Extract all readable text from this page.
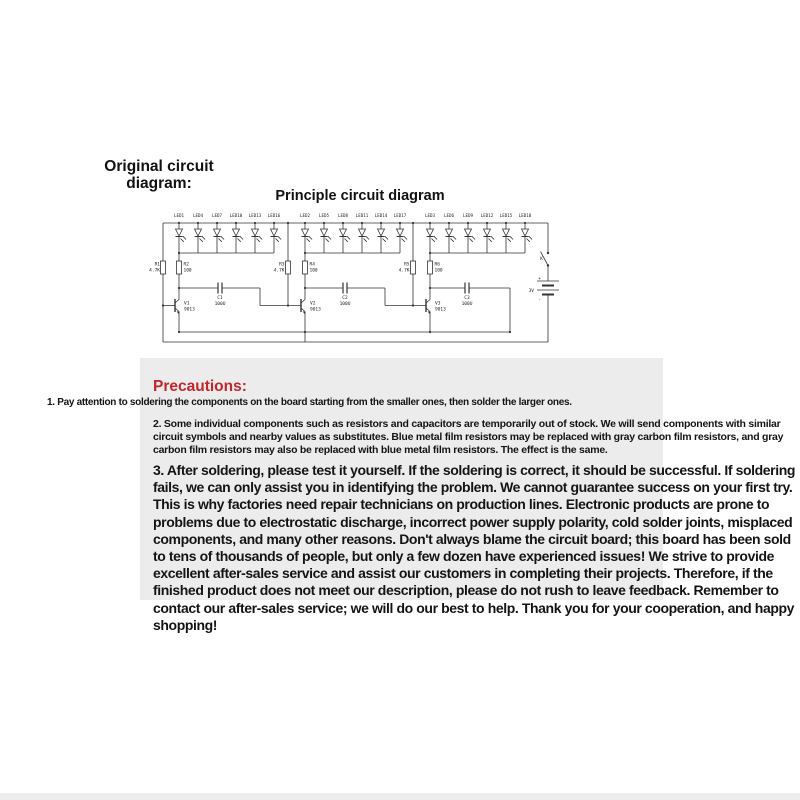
Original circuit diagram:
Principle circuit diagram
LED1 LED4 LED7 LED10 LED13 LED16	LED2 LED5 LED8 LED11 LED14 LED17	LED3 LED6 LED9 LED12 LED15 LED18
R1
4.7K
R2
100
R3
4.7K
R4
100
R5
4.7K
R6
100
V1
9013
V2
9013
V3
9013
C1
100U
C2
100U
C3
100U
K
3V
+
-
Precautions:
1. Pay attention to soldering the components on the board starting from the smaller ones, then solder the larger ones.
2. Some individual components such as resistors and capacitors are temporarily out of stock. We will send components with similar circuit symbols and nearby values as substitutes. Blue metal film resistors may be replaced with gray carbon film resistors, and gray carbon film resistors may also be replaced with blue metal film resistors. The effect is the same.
3. After soldering, please test it yourself. If the soldering is correct, it should be successful. If soldering fails, we can only assist you in identifying the problem. We cannot guarantee success on your first try. This is why factories need repair technicians on production lines. Electronic products are prone to problems due to electrostatic discharge, incorrect power supply polarity, cold solder joints, misplaced components, and many other reasons. Don't always blame the circuit board; this board has been sold to tens of thousands of people, but only a few dozen have experienced issues! We strive to provide excellent after-sales service and assist our customers in completing their projects. Therefore, if the finished product does not meet our description, please do not rush to leave feedback. Remember to contact our after-sales service; we will do our best to help. Thank you for your cooperation, and happy shopping!
